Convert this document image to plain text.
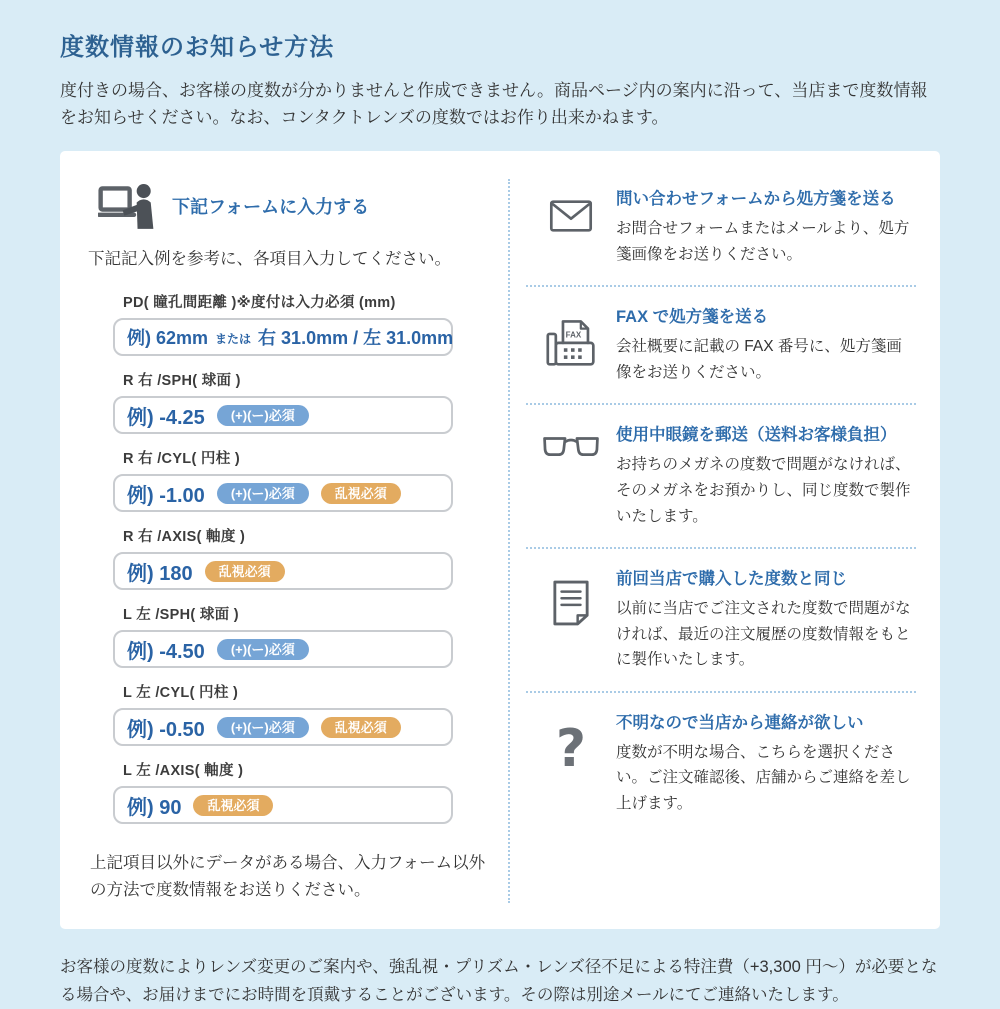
度数情報のお知らせ方法

度付きの場合、お客様の度数が分かりませんと作成できません。商品ページ内の案内に沿って、当店まで度数情報をお知らせください。なお、コンタクトレンズの度数ではお作り出来かねます。

下記フォームに入力する

下記記入例を参考に、各項目入力してください。

PD( 瞳孔間距離 )※度付は入力必須 (mm)
例) 62mm または 右 31.0mm / 左 31.0mm
R 右 /SPH( 球面 )
例) -4.25	(+)(ー)必須
R 右 /CYL( 円柱 )
例) -1.00	(+)(ー)必須	乱視必須
R 右 /AXIS( 軸度 )
例) 180	乱視必須
L 左 /SPH( 球面 )
例) -4.50	(+)(ー)必須
L 左 /CYL( 円柱 )
例) -0.50	(+)(ー)必須	乱視必須
L 左 /AXIS( 軸度 )
例) 90	乱視必須

上記項目以外にデータがある場合、入力フォーム以外の方法で度数情報をお送りください。

問い合わせフォームから処方箋を送る
お問合せフォームまたはメールより、処方箋画像をお送りください。
FAX
FAX で処方箋を送る
会社概要に記載の FAX 番号に、処方箋画像をお送りください。
使用中眼鏡を郵送（送料お客様負担）
お持ちのメガネの度数で問題がなければ、そのメガネをお預かりし、同じ度数で製作いたします。
前回当店で購入した度数と同じ
以前に当店でご注文された度数で問題がなければ、最近の注文履歴の度数情報をもとに製作いたします。
? 不明なので当店から連絡が欲しい
度数が不明な場合、こちらを選択ください。ご注文確認後、店舗からご連絡を差し上げます。

お客様の度数によりレンズ変更のご案内や、強乱視・プリズム・レンズ径不足による特注費（+3,300 円～）が必要となる場合や、お届けまでにお時間を頂戴することがございます。その際は別途メールにてご連絡いたします。
